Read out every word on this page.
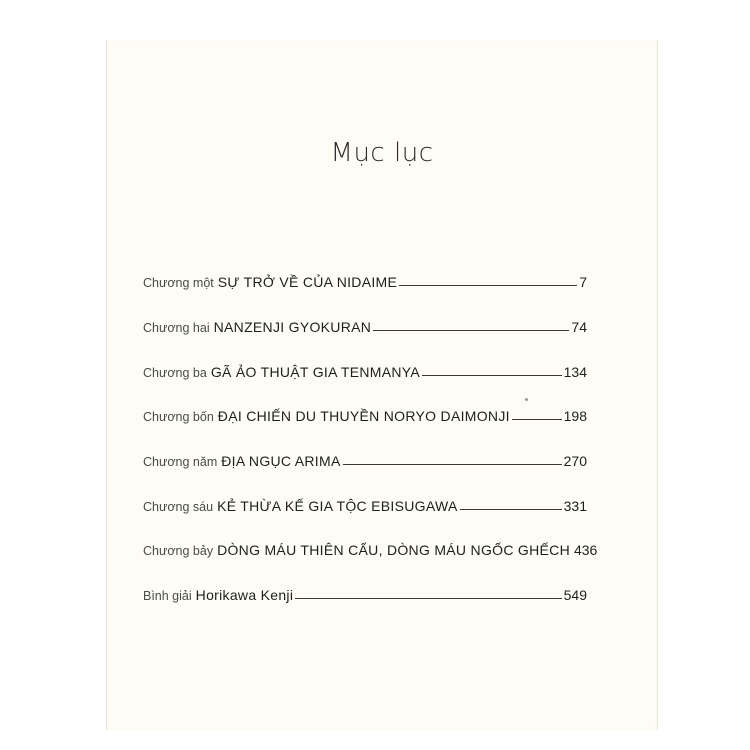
Mục lục
Chương một SỰ TRỞ VỀ CỦA NIDAIME	7
Chương hai NANZENJI GYOKURAN	74
Chương ba GÃ ẢO THUẬT GIA TENMANYA	134
Chương bốn ĐẠI CHIẾN DU THUYỀN NORYO DAIMONJI	198
Chương năm ĐỊA NGỤC ARIMA	270
Chương sáu KẺ THỪA KẾ GIA TỘC EBISUGAWA	331
Chương bảy DÒNG MÁU THIÊN CẨU, DÒNG MÁU NGỐC GHẾCH 436
Bình giải Horikawa Kenji	549
